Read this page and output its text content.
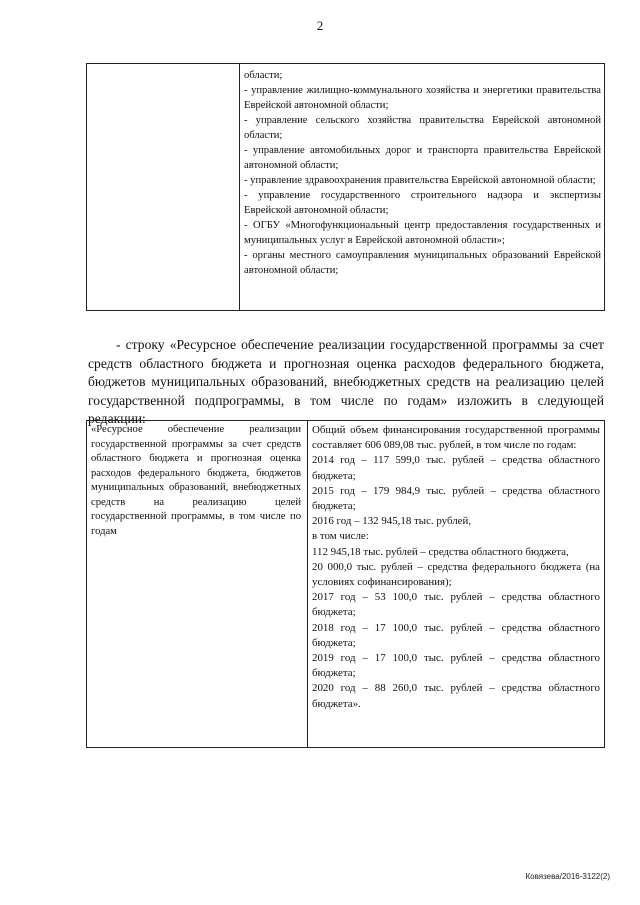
2
области;
- управление жилищно-коммунального хозяйства и энергетики правительства Еврейской автономной области;
- управление сельского хозяйства правительства Еврейской автономной области;
- управление автомобильных дорог и транспорта правительства Еврейской автономной области;
- управление здравоохранения правительства Еврейской автономной области;
- управление государственного строительного надзора и экспертизы Еврейской автономной области;
- ОГБУ «Многофункциональный центр предоставления государственных и муниципальных услуг в Еврейской автономной области»;
- органы местного самоуправления муниципальных образований Еврейской автономной области;
- строку «Ресурсное обеспечение реализации государственной программы за счет средств областного бюджета и прогнозная оценка расходов федерального бюджета, бюджетов муниципальных образований, внебюджетных средств на реализацию целей государственной подпрограммы, в том числе по годам» изложить в следующей редакции:
«Ресурсное обеспечение реализации государственной программы за счет средств областного бюджета и прогнозная оценка расходов федерального бюджета, бюджетов муниципальных образований, внебюджетных средств на реализацию целей государственной программы, в том числе по годам
Общий объем финансирования государственной программы составляет 606 089,08 тыс. рублей, в том числе по годам:
2014 год – 117 599,0 тыс. рублей – средства областного бюджета;
2015 год – 179 984,9 тыс. рублей – средства областного бюджета;
2016 год – 132 945,18 тыс. рублей,
в том числе:
112 945,18 тыс. рублей – средства областного бюджета,
20 000,0 тыс. рублей – средства федерального бюджета (на условиях софинансирования);
2017 год – 53 100,0 тыс. рублей – средства областного бюджета;
2018 год – 17 100,0 тыс. рублей – средства областного бюджета;
2019 год – 17 100,0 тыс. рублей – средства областного бюджета;
2020 год – 88 260,0 тыс. рублей – средства областного бюджета».
Ковязева/2016-3122(2)
